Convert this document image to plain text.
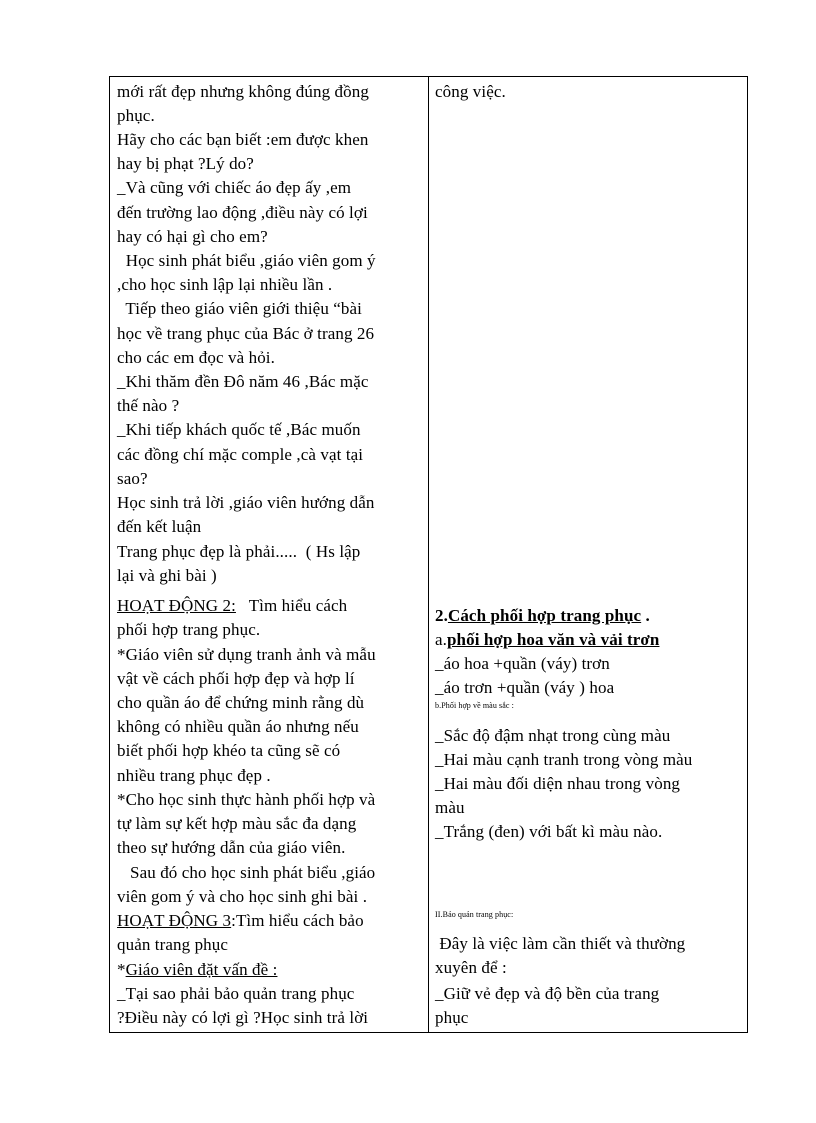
mới rất đẹp nhưng không đúng đồng
phục.
Hãy cho các bạn biết :em được khen
hay bị phạt ?Lý do?
_Và cũng với chiếc áo đẹp ấy ,em
đến trường lao động ,điều này có lợi
hay có hại gì cho em?
Học sinh phát biểu ,giáo viên gom ý
,cho học sinh lập lại nhiều lần .
Tiếp theo giáo viên giới thiệu “bài
học về trang phục của Bác ở trang 26
cho các em đọc và hỏi.
_Khi thăm đền Đô năm 46 ,Bác mặc
thế nào ?
_Khi tiếp khách quốc tế ,Bác muốn
các đồng chí mặc comple ,cà vạt tại
sao?
Học sinh trả lời ,giáo viên hướng dẫn
đến kết luận
Trang phục đẹp là phải.....  ( Hs lập
lại và ghi bài )
HOẠT ĐỘNG 2:   Tìm hiểu cách
phối hợp trang phục.
*Giáo viên sử dụng tranh ảnh và mẫu
vật về cách phối hợp đẹp và hợp lí
cho quần áo để chứng minh rằng dù
không có nhiều quần áo nhưng nếu
biết phối hợp khéo ta cũng sẽ có
nhiều trang phục đẹp .
*Cho học sinh thực hành phối hợp và
tự làm sự kết hợp màu sắc đa dạng
theo sự hướng dẫn của giáo viên.
Sau đó cho học sinh phát biểu ,giáo
viên gom ý và cho học sinh ghi bài .
HOẠT ĐỘNG 3:Tìm hiểu cách bảo
quản trang phục
*Giáo viên đặt vấn đề :
_Tại sao phải bảo quản trang phục
?Điều này có lợi gì ?Học sinh trả lời

công việc.
2.Cách phối hợp trang phục .
a.phối hợp hoa văn và vải trơn
_áo hoa +quần (váy) trơn
_áo trơn +quần (váy ) hoa
b.Phối hợp về màu sắc :
_Sắc độ đậm nhạt trong cùng màu
_Hai màu cạnh tranh trong vòng màu
_Hai màu đối diện nhau trong vòng
màu
_Trắng (đen) với bất kì màu nào.
II.Bảo quản trang phục:
Đây là việc làm cần thiết và thường
xuyên để :
_Giữ vẻ đẹp và độ bền của trang
phục
